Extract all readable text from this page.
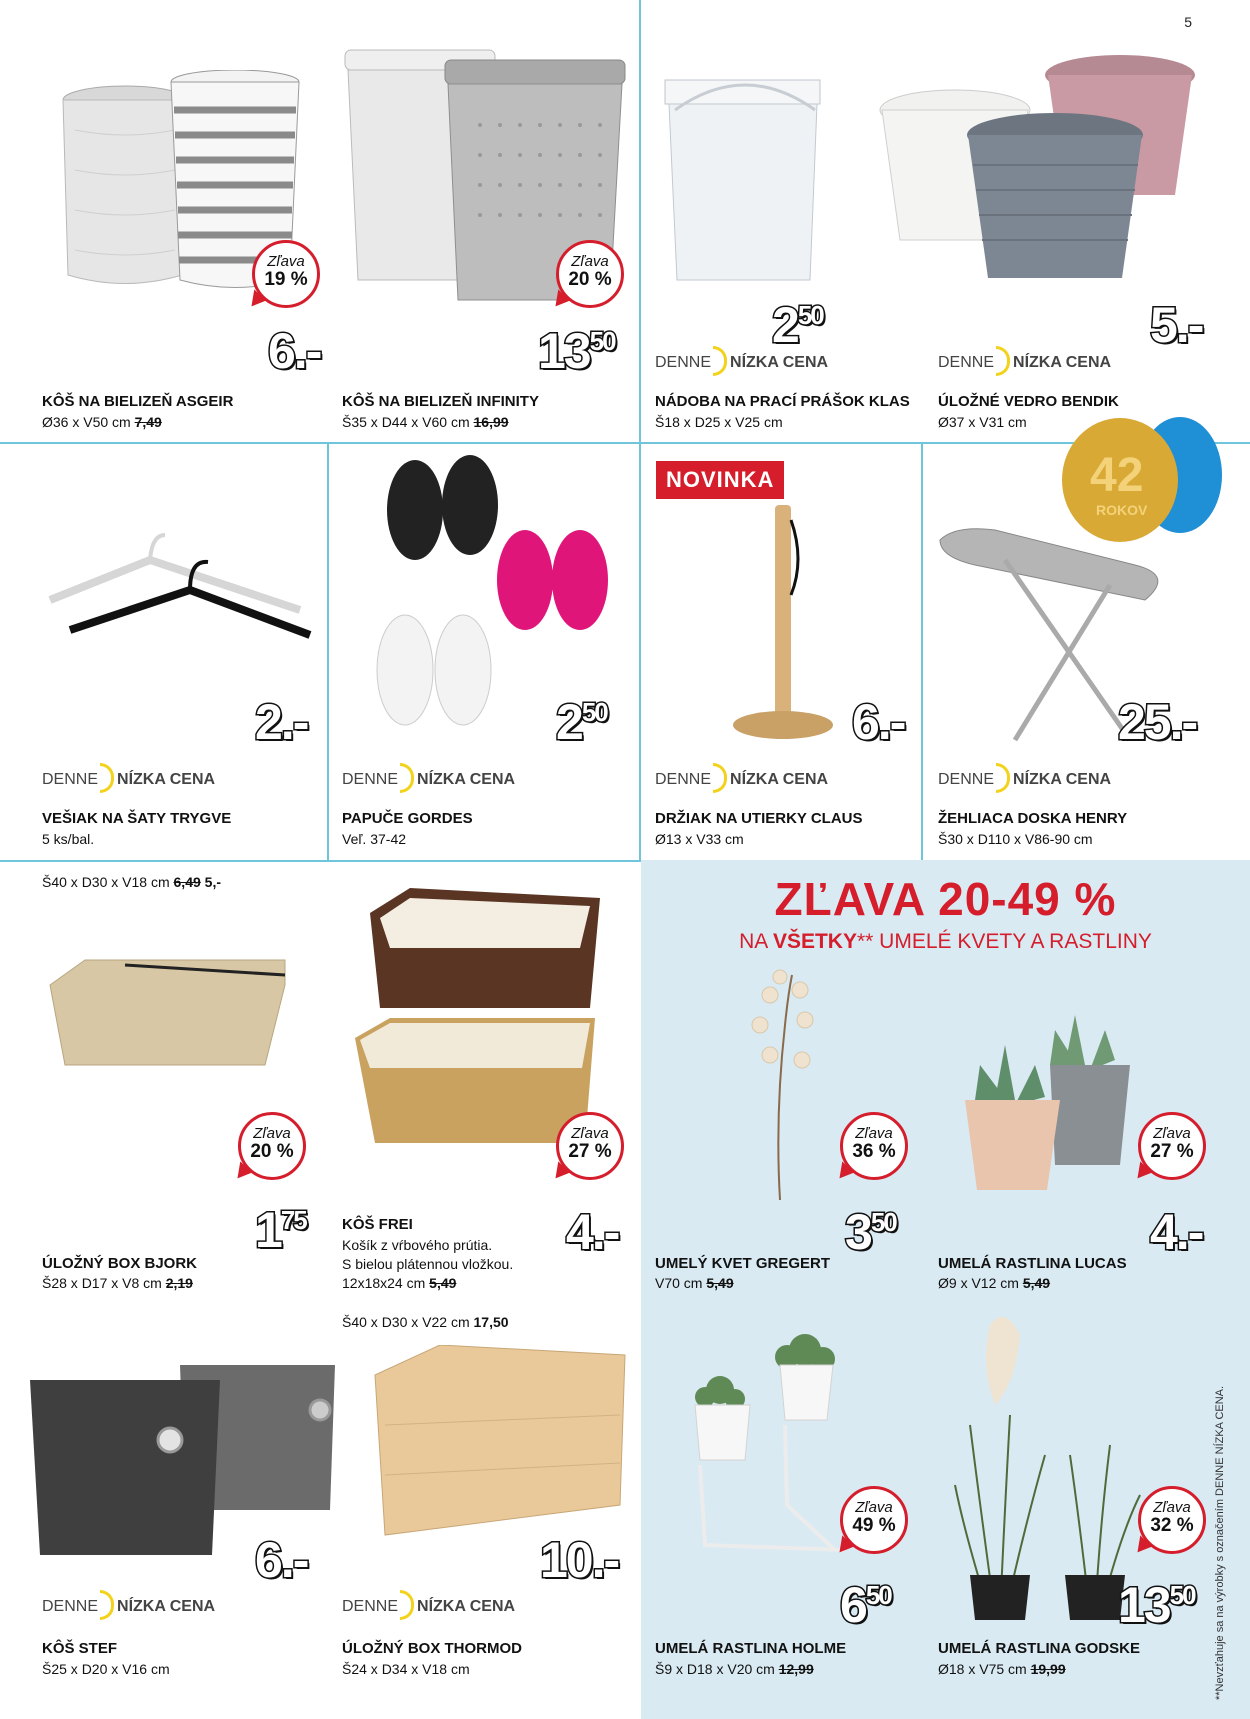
5
Zľava
19 %
6.-
KÔŠ NA BIELIZEŇ ASGEIR
Ø36 x V50 cm 7,49
Zľava
20 %
1350
KÔŠ NA BIELIZEŇ INFINITY
Š35 x D44 x V60 cm 16,99
250
DENNE NÍZKA CENA
NÁDOBA NA PRACÍ PRÁŠOK KLAS
Š18 x D25 x V25 cm
5.-
DENNE NÍZKA CENA
ÚLOŽNÉ VEDRO BENDIK
Ø37 x V31 cm
2.-
DENNE NÍZKA CENA
VEŠIAK NA ŠATY TRYGVE
5 ks/bal.
250
DENNE NÍZKA CENA
PAPUČE GORDES
Veľ. 37-42
NOVINKA
6.-
DENNE NÍZKA CENA
DRŽIAK NA UTIERKY CLAUS
Ø13 x V33 cm
42
ROKOV
25.-
DENNE NÍZKA CENA
ŽEHLIACA DOSKA HENRY
Š30 x D110 x V86-90 cm
Š40 x D30 x V18 cm 6,49 5,-
Zľava
20 %
175
ÚLOŽNÝ BOX BJORK
Š28 x D17 x V8 cm 2,19
Zľava
27 %
4.-
KÔŠ FREI
Košík z vŕbového prútia.
S bielou plátennou vložkou.
12x18x24 cm 5,49
Š40 x D30 x V22 cm 17,50
6.-
DENNE NÍZKA CENA
KÔŠ STEF
Š25 x D20 x V16 cm
10.-
DENNE NÍZKA CENA
ÚLOŽNÝ BOX THORMOD
Š24 x D34 x V18 cm
ZĽAVA 20-49 %
NA VŠETKY** UMELÉ KVETY A RASTLINY
Zľava
36 %
350
UMELÝ KVET GREGERT
V70 cm 5,49
Zľava
27 %
4.-
UMELÁ RASTLINA LUCAS
Ø9 x V12 cm 5,49
Zľava
49 %
650
UMELÁ RASTLINA HOLME
Š9 x D18 x V20 cm 12,99
Zľava
32 %
1350
UMELÁ RASTLINA GODSKE
Ø18 x V75 cm 19,99	**Nevzťahuje sa na výrobky s označením DENNE NÍZKA CENA.
